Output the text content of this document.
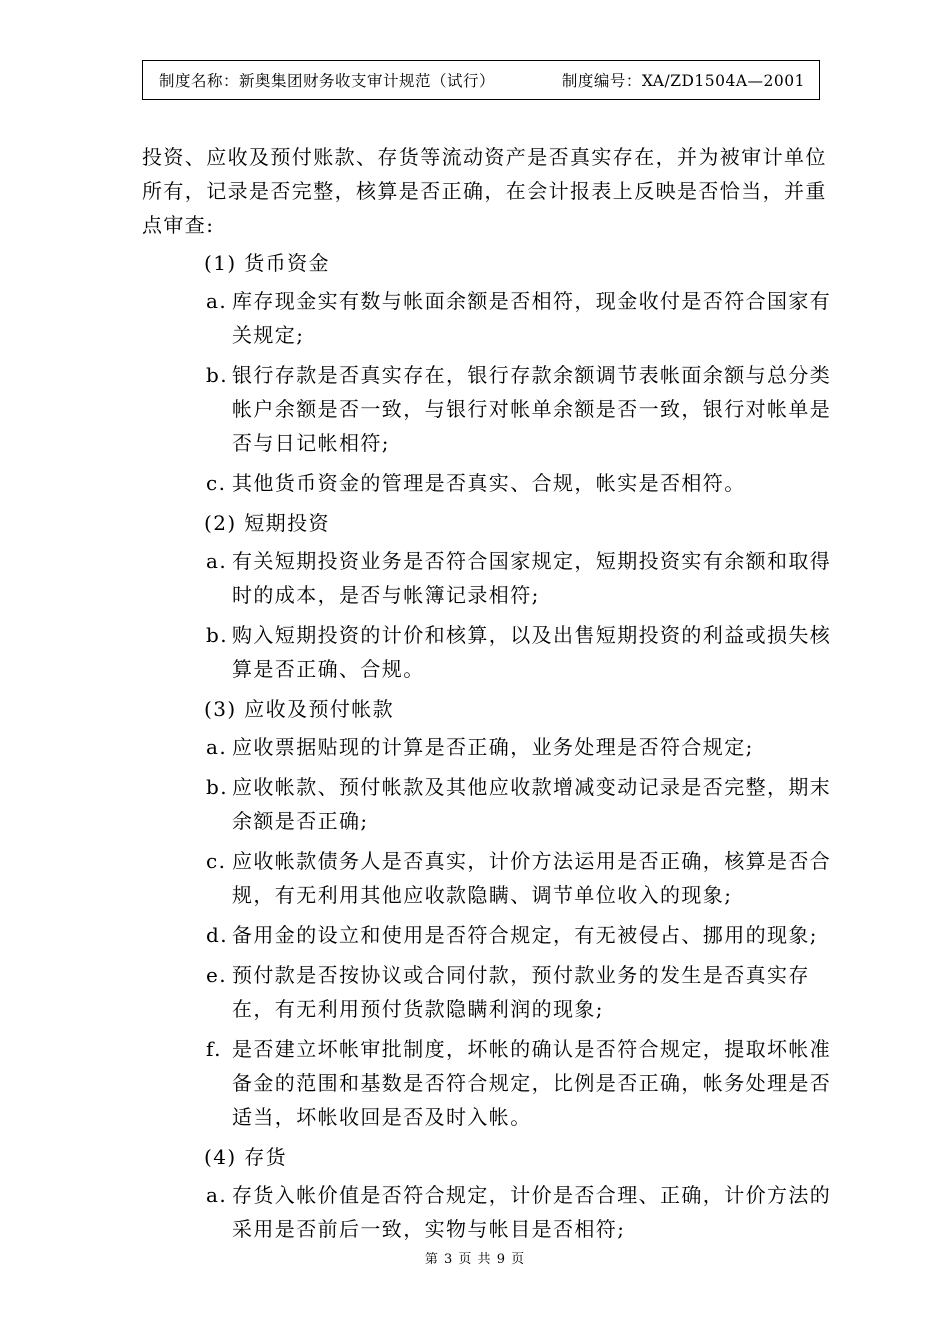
制度名称：新奥集团财务收支审计规范（试行）	制度编号：XA/ZD1504A—2001

投资、应收及预付账款、存货等流动资产是否真实存在，并为被审计单位所有，记录是否完整，核算是否正确，在会计报表上反映是否恰当，并重点审查:

(1) 货币资金
a. 库存现金实有数与帐面余额是否相符，现金收付是否符合国家有关规定;
b. 银行存款是否真实存在，银行存款余额调节表帐面余额与总分类帐户余额是否一致，与银行对帐单余额是否一致，银行对帐单是否与日记帐相符;
c. 其他货币资金的管理是否真实、合规，帐实是否相符。
(2) 短期投资
a. 有关短期投资业务是否符合国家规定，短期投资实有余额和取得时的成本，是否与帐簿记录相符;
b. 购入短期投资的计价和核算，以及出售短期投资的利益或损失核算是否正确、合规。
(3) 应收及预付帐款
a. 应收票据贴现的计算是否正确，业务处理是否符合规定;
b. 应收帐款、预付帐款及其他应收款增减变动记录是否完整，期末余额是否正确;
c. 应收帐款债务人是否真实，计价方法运用是否正确，核算是否合规，有无利用其他应收款隐瞒、调节单位收入的现象;
d. 备用金的设立和使用是否符合规定，有无被侵占、挪用的现象;
e. 预付款是否按协议或合同付款，预付款业务的发生是否真实存在，有无利用预付货款隐瞒利润的现象;
f. 是否建立坏帐审批制度，坏帐的确认是否符合规定，提取坏帐准备金的范围和基数是否符合规定，比例是否正确，帐务处理是否适当，坏帐收回是否及时入帐。
(4) 存货
a. 存货入帐价值是否符合规定，计价是否合理、正确，计价方法的采用是否前后一致，实物与帐目是否相符;
第 3 页 共 9 页
